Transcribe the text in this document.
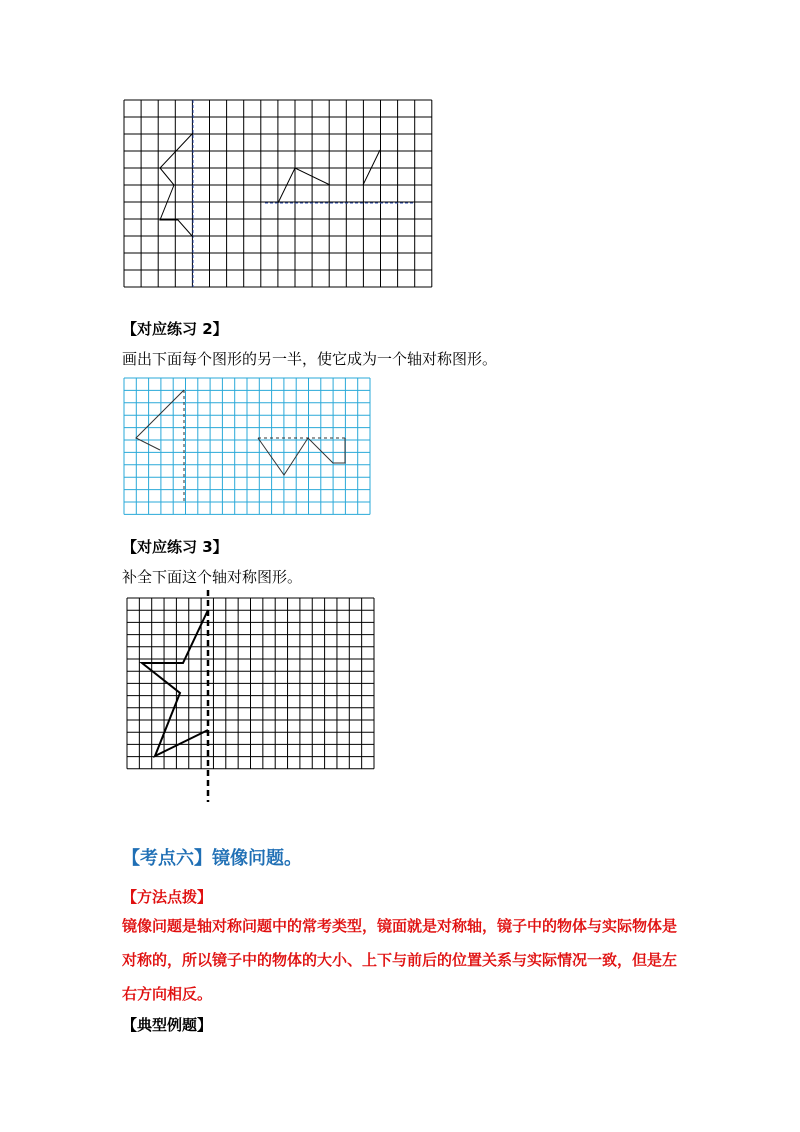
【对应练习 2】
画出下面每个图形的另一半，使它成为一个轴对称图形。
【对应练习 3】
补全下面这个轴对称图形。
【考点六】镜像问题。
【方法点拨】
镜像问题是轴对称问题中的常考类型，镜面就是对称轴，镜子中的物体与实际物体是对称的，所以镜子中的物体的大小、上下与前后的位置关系与实际情况一致，但是左右方向相反。
【典型例题】
